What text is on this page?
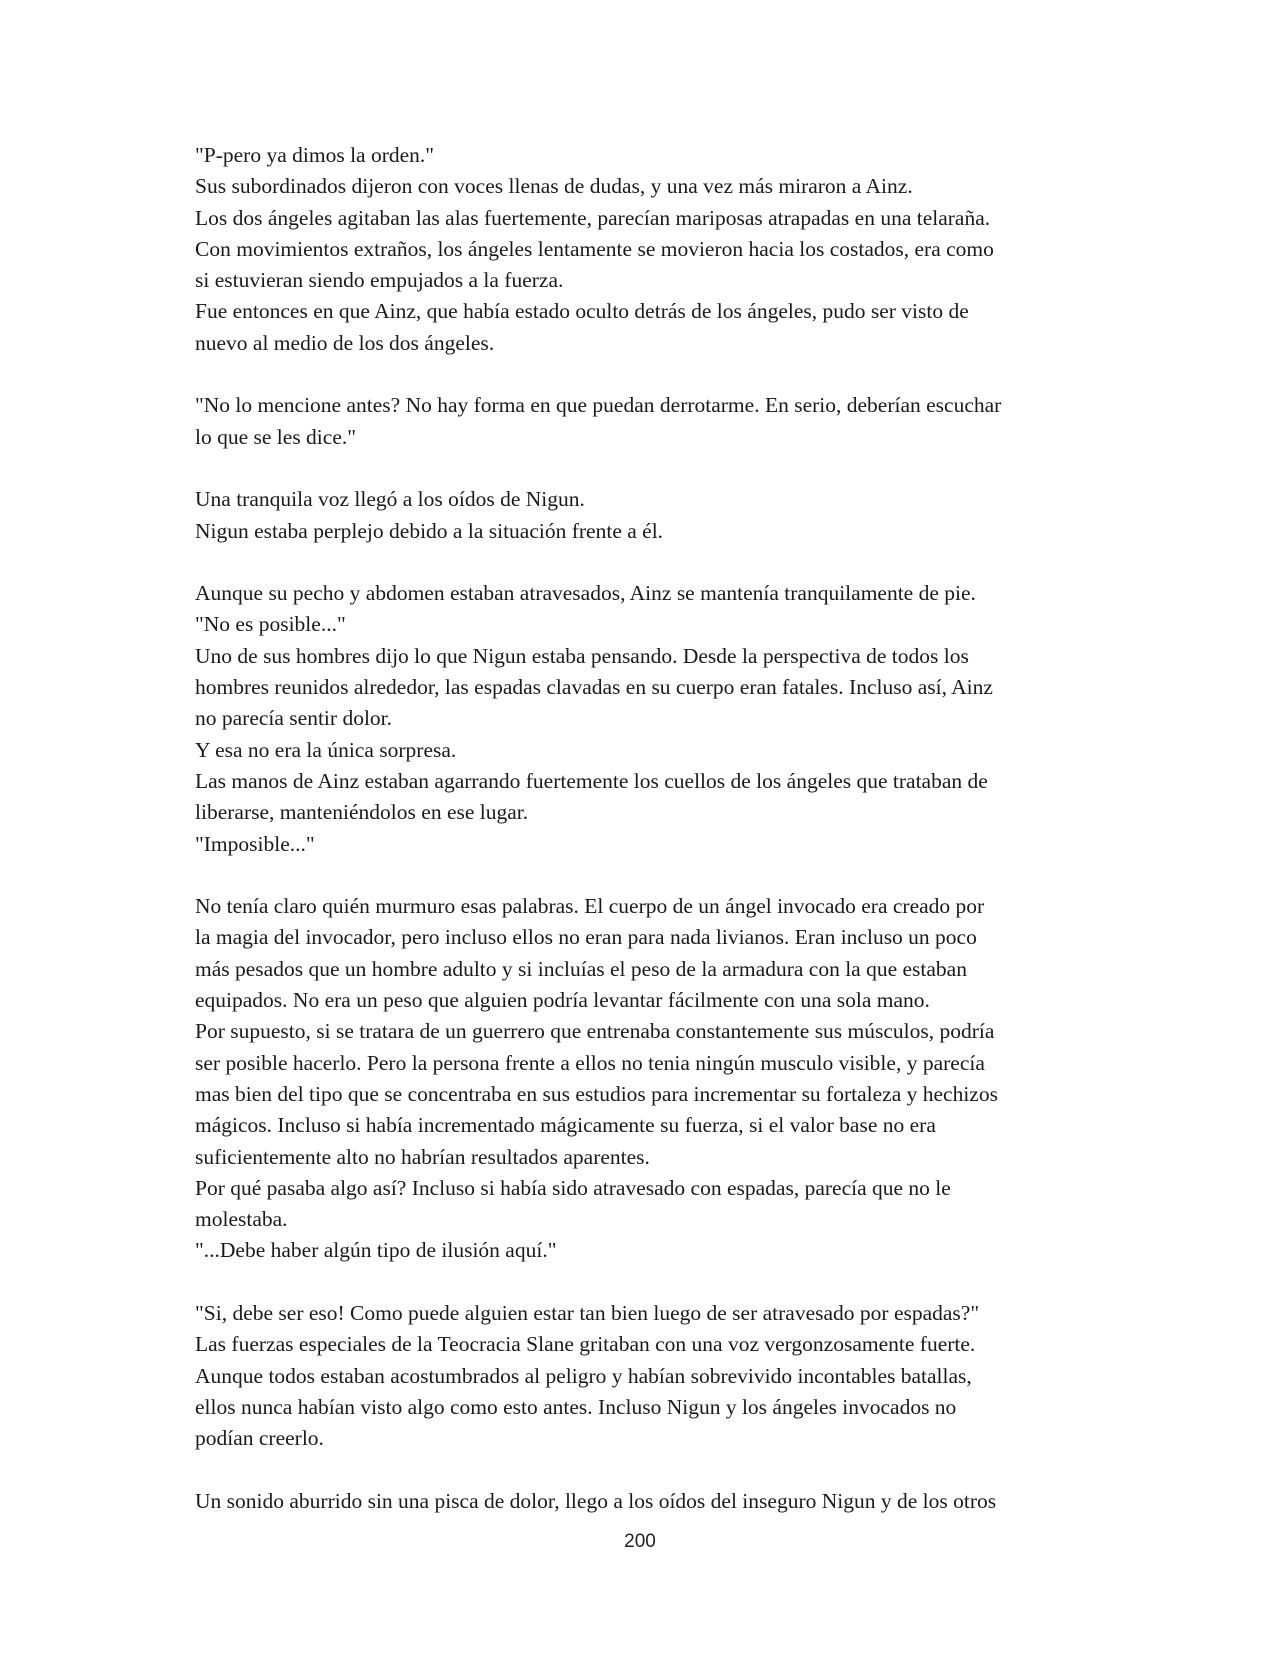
"P-pero ya dimos la orden."
Sus subordinados dijeron con voces llenas de dudas, y una vez más miraron a Ainz.
Los dos ángeles agitaban las alas fuertemente, parecían mariposas atrapadas en una telaraña.
Con movimientos extraños, los ángeles lentamente se movieron hacia los costados, era como
si estuvieran siendo empujados a la fuerza.
Fue entonces en que Ainz, que había estado oculto detrás de los ángeles, pudo ser visto de
nuevo al medio de los dos ángeles.
"No lo mencione antes? No hay forma en que puedan derrotarme. En serio, deberían escuchar
lo que se les dice."
Una tranquila voz llegó a los oídos de Nigun.
Nigun estaba perplejo debido a la situación frente a él.
Aunque su pecho y abdomen estaban atravesados, Ainz se mantenía tranquilamente de pie.
"No es posible..."
Uno de sus hombres dijo lo que Nigun estaba pensando. Desde la perspectiva de todos los
hombres reunidos alrededor, las espadas clavadas en su cuerpo eran fatales. Incluso así, Ainz
no parecía sentir dolor.
Y esa no era la única sorpresa.
Las manos de Ainz estaban agarrando fuertemente los cuellos de los ángeles que trataban de
liberarse, manteniéndolos en ese lugar.
"Imposible..."
No tenía claro quién murmuro esas palabras. El cuerpo de un ángel invocado era creado por
la magia del invocador, pero incluso ellos no eran para nada livianos. Eran incluso un poco
más pesados que un hombre adulto y si incluías el peso de la armadura con la que estaban
equipados. No era un peso que alguien podría levantar fácilmente con una sola mano.
Por supuesto, si se tratara de un guerrero que entrenaba constantemente sus músculos, podría
ser posible hacerlo. Pero la persona frente a ellos no tenia ningún musculo visible, y parecía
mas bien del tipo que se concentraba en sus estudios para incrementar su fortaleza y hechizos
mágicos. Incluso si había incrementado mágicamente su fuerza, si el valor base no era
suficientemente alto no habrían resultados aparentes.
Por qué pasaba algo así? Incluso si había sido atravesado con espadas, parecía que no le
molestaba.
"...Debe haber algún tipo de ilusión aquí."
"Si, debe ser eso! Como puede alguien estar tan bien luego de ser atravesado por espadas?"
Las fuerzas especiales de la Teocracia Slane gritaban con una voz vergonzosamente fuerte.
Aunque todos estaban acostumbrados al peligro y habían sobrevivido incontables batallas,
ellos nunca habían visto algo como esto antes. Incluso Nigun y los ángeles invocados no
podían creerlo.
Un sonido aburrido sin una pisca de dolor, llego a los oídos del inseguro Nigun y de los otros
200
